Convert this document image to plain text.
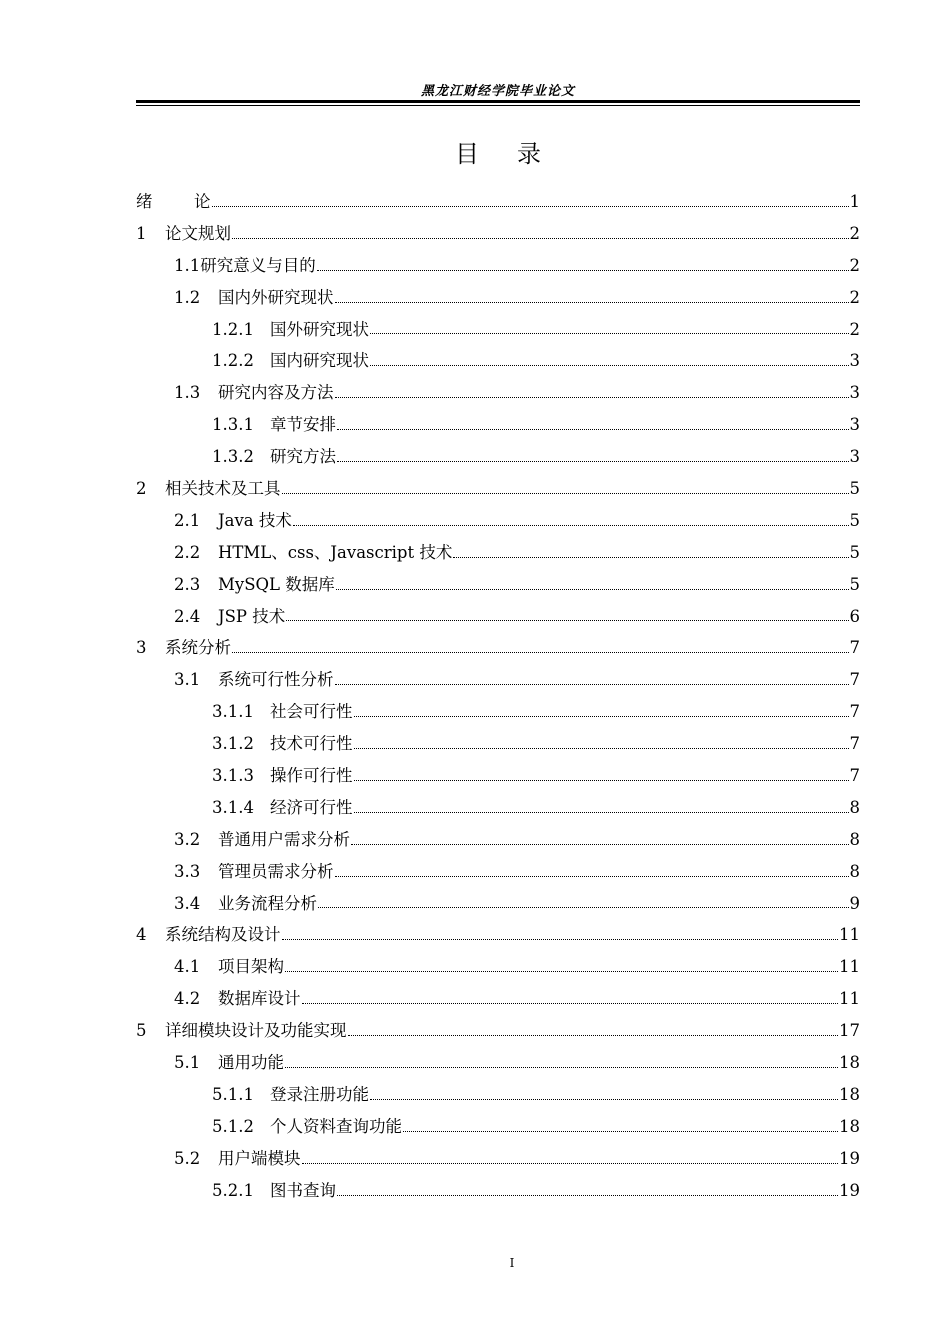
黑龙江财经学院毕业论文
目 录
绪	论	1
1	论文规划	2
1.1 研究意义与目的	2
1.2	国内外研究现状	2
1.2.1 国外研究现状	2
1.2.2 国内研究现状	3
1.3	研究内容及方法	3
1.3.1 章节安排	3
1.3.2 研究方法	3
2	相关技术及工具	5
2.1	Java 技术	5
2.2	HTML、css、Javascript 技术	5
2.3	MySQL 数据库	5
2.4	JSP 技术	6
3	系统分析	7
3.1	系统可行性分析	7
3.1.1 社会可行性	7
3.1.2 技术可行性	7
3.1.3 操作可行性	7
3.1.4 经济可行性	8
3.2	普通用户需求分析	8
3.3	管理员需求分析	8
3.4	业务流程分析	9
4	系统结构及设计	11
4.1	项目架构	11
4.2	数据库设计	11
5	详细模块设计及功能实现	17
5.1	通用功能	18
5.1.1 登录注册功能	18
5.1.2 个人资料查询功能	18
5.2	用户端模块	19
5.2.1 图书查询	19
I
